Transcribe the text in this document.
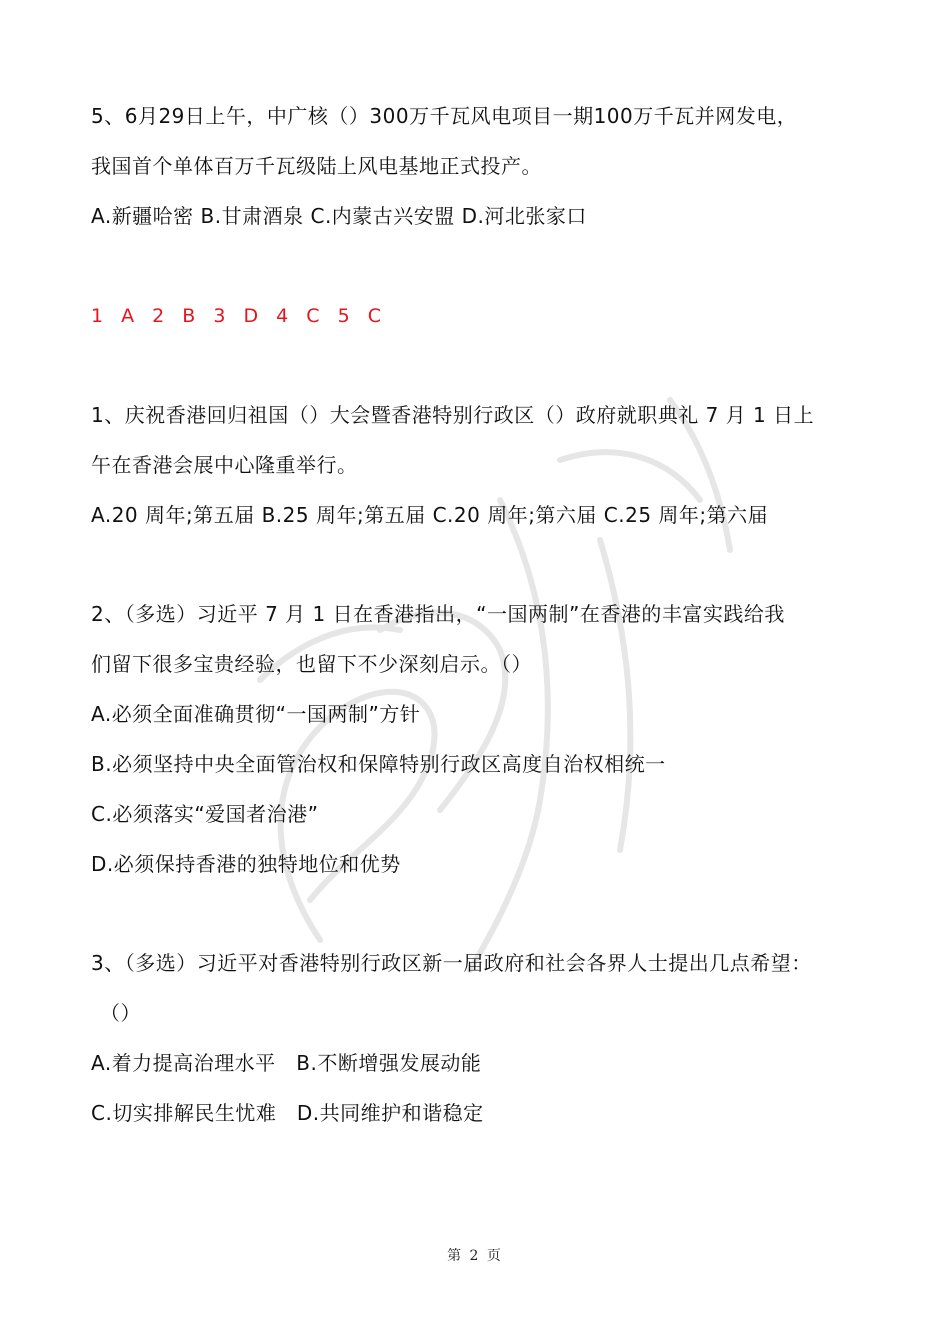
5、6月29日上午，中广核（）300万千瓦风电项目一期100万千瓦并网发电，
我国首个单体百万千瓦级陆上风电基地正式投产。
A.新疆哈密 B.甘肃酒泉 C.内蒙古兴安盟 D.河北张家口
1 A 2 B 3 D 4 C 5 C
1、庆祝香港回归祖国（）大会暨香港特别行政区（）政府就职典礼 7 月 1 日上
午在香港会展中心隆重举行。
A.20 周年;第五届 B.25 周年;第五届 C.20 周年;第六届 C.25 周年;第六届
2、（多选）习近平 7 月 1 日在香港指出，“一国两制”在香港的丰富实践给我
们留下很多宝贵经验，也留下不少深刻启示。（）
A.必须全面准确贯彻“一国两制”方针
B.必须坚持中央全面管治权和保障特别行政区高度自治权相统一
C.必须落实“爱国者治港”
D.必须保持香港的独特地位和优势
3、（多选）习近平对香港特别行政区新一届政府和社会各界人士提出几点希望：
（）
A.着力提高治理水平   B.不断增强发展动能
C.切实排解民生忧难   D.共同维护和谐稳定
第 2 页
